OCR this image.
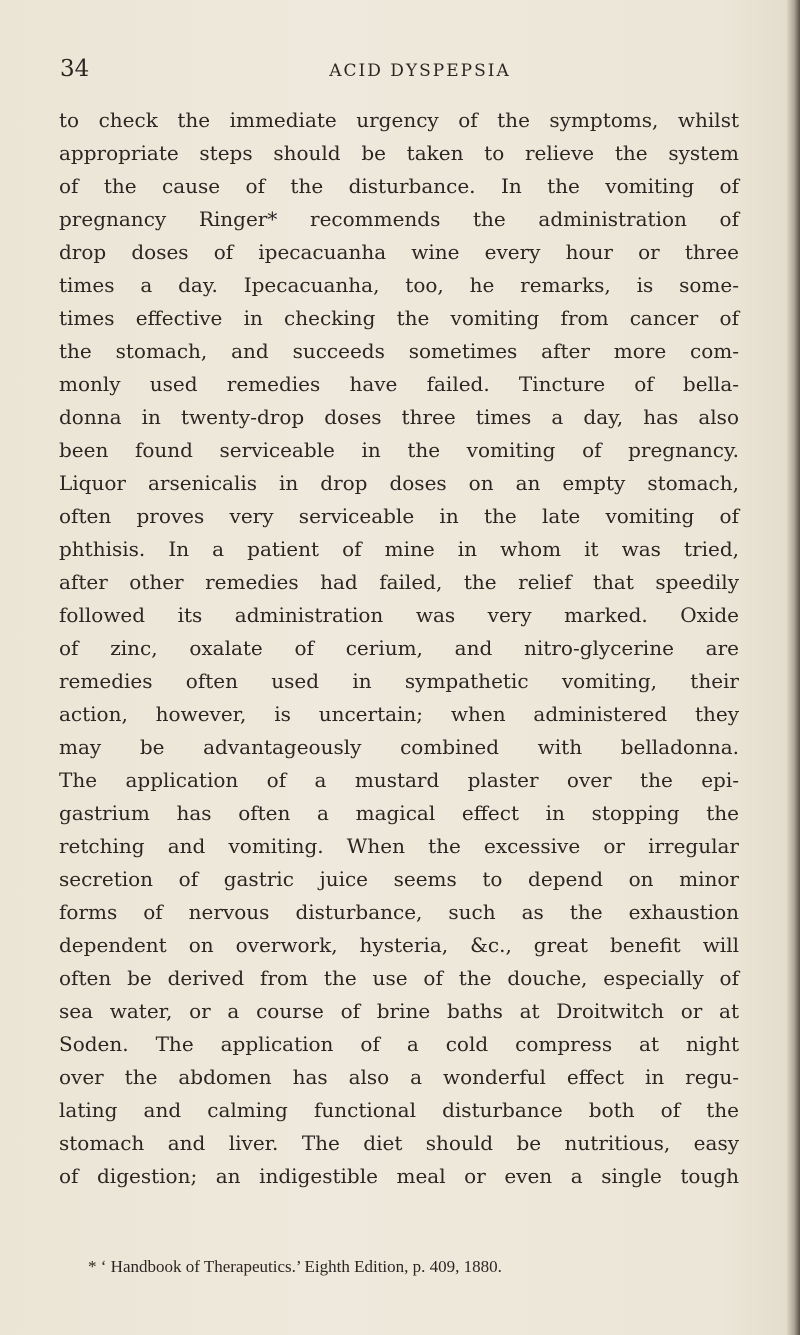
34	ACID DYSPEPSIA
to check the immediate urgency of the symptoms, whilst
appropriate steps should be taken to relieve the system
of the cause of the disturbance. In the vomiting of
pregnancy Ringer* recommends the administration of
drop doses of ipecacuanha wine every hour or three
times a day. Ipecacuanha, too, he remarks, is some-
times effective in checking the vomiting from cancer of
the stomach, and succeeds sometimes after more com-
monly used remedies have failed. Tincture of bella-
donna in twenty-drop doses three times a day, has also
been found serviceable in the vomiting of pregnancy.
Liquor arsenicalis in drop doses on an empty stomach,
often proves very serviceable in the late vomiting of
phthisis. In a patient of mine in whom it was tried,
after other remedies had failed, the relief that speedily
followed its administration was very marked. Oxide
of zinc, oxalate of cerium, and nitro-glycerine are
remedies often used in sympathetic vomiting, their
action, however, is uncertain; when administered they
may be advantageously combined with belladonna.
The application of a mustard plaster over the epi-
gastrium has often a magical effect in stopping the
retching and vomiting. When the excessive or irregular
secretion of gastric juice seems to depend on minor
forms of nervous disturbance, such as the exhaustion
dependent on overwork, hysteria, &c., great benefit will
often be derived from the use of the douche, especially of
sea water, or a course of brine baths at Droitwitch or at
Soden. The application of a cold compress at night
over the abdomen has also a wonderful effect in regu-
lating and calming functional disturbance both of the
stomach and liver. The diet should be nutritious, easy
of digestion; an indigestible meal or even a single tough
* ‘ Handbook of Therapeutics.’ Eighth Edition, p. 409, 1880.
